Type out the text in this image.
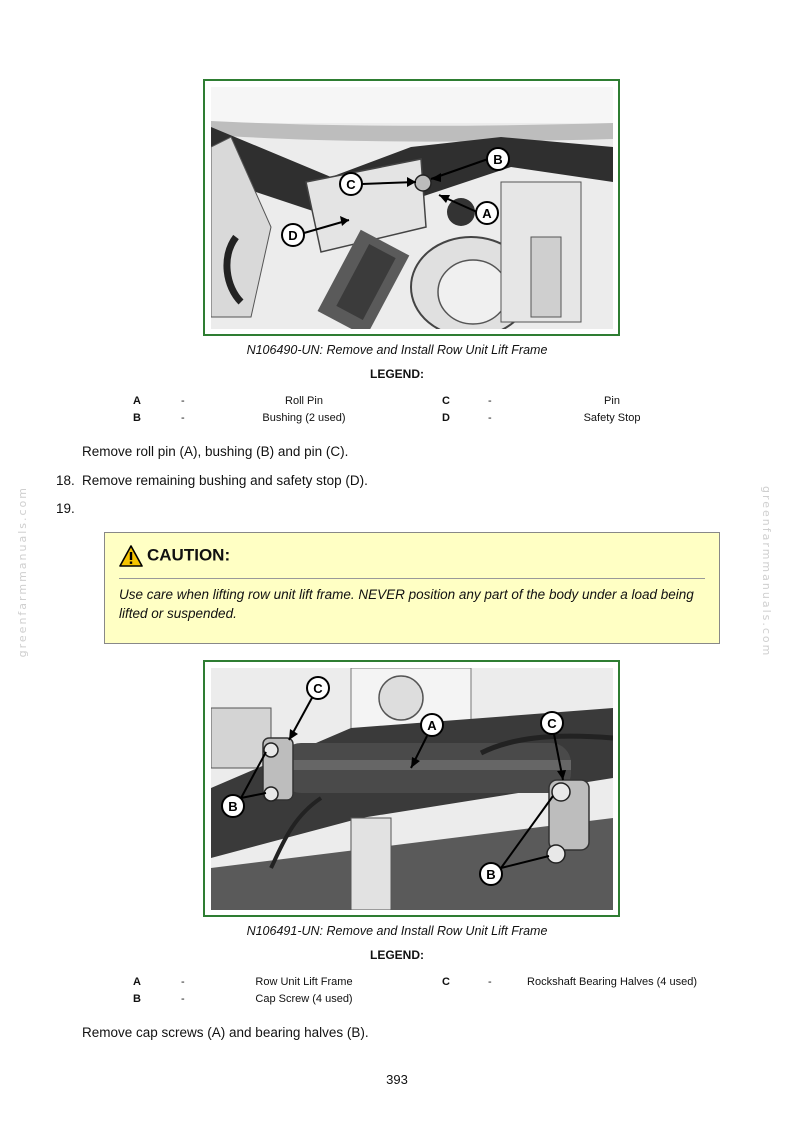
greenfarmmanuals.com	greenfarmmanuals.com
B
C
A
D
N106490-UN: Remove and Install Row Unit Lift Frame
LEGEND:
A	-	Roll Pin
B	-	Bushing (2 used)
C	-	Pin
D	-	Safety Stop
Remove roll pin (A), bushing (B) and pin (C).
18. Remove remaining bushing and safety stop (D).
19.
CAUTION:
Use care when lifting row unit lift frame. NEVER position any part of the body under a load being lifted or suspended.
C
A	C
B
B
N106491-UN: Remove and Install Row Unit Lift Frame
LEGEND:
A	-	Row Unit Lift Frame
B	-	Cap Screw (4 used)
C	-	Rockshaft Bearing Halves (4 used)
Remove cap screws (A) and bearing halves (B).
393
